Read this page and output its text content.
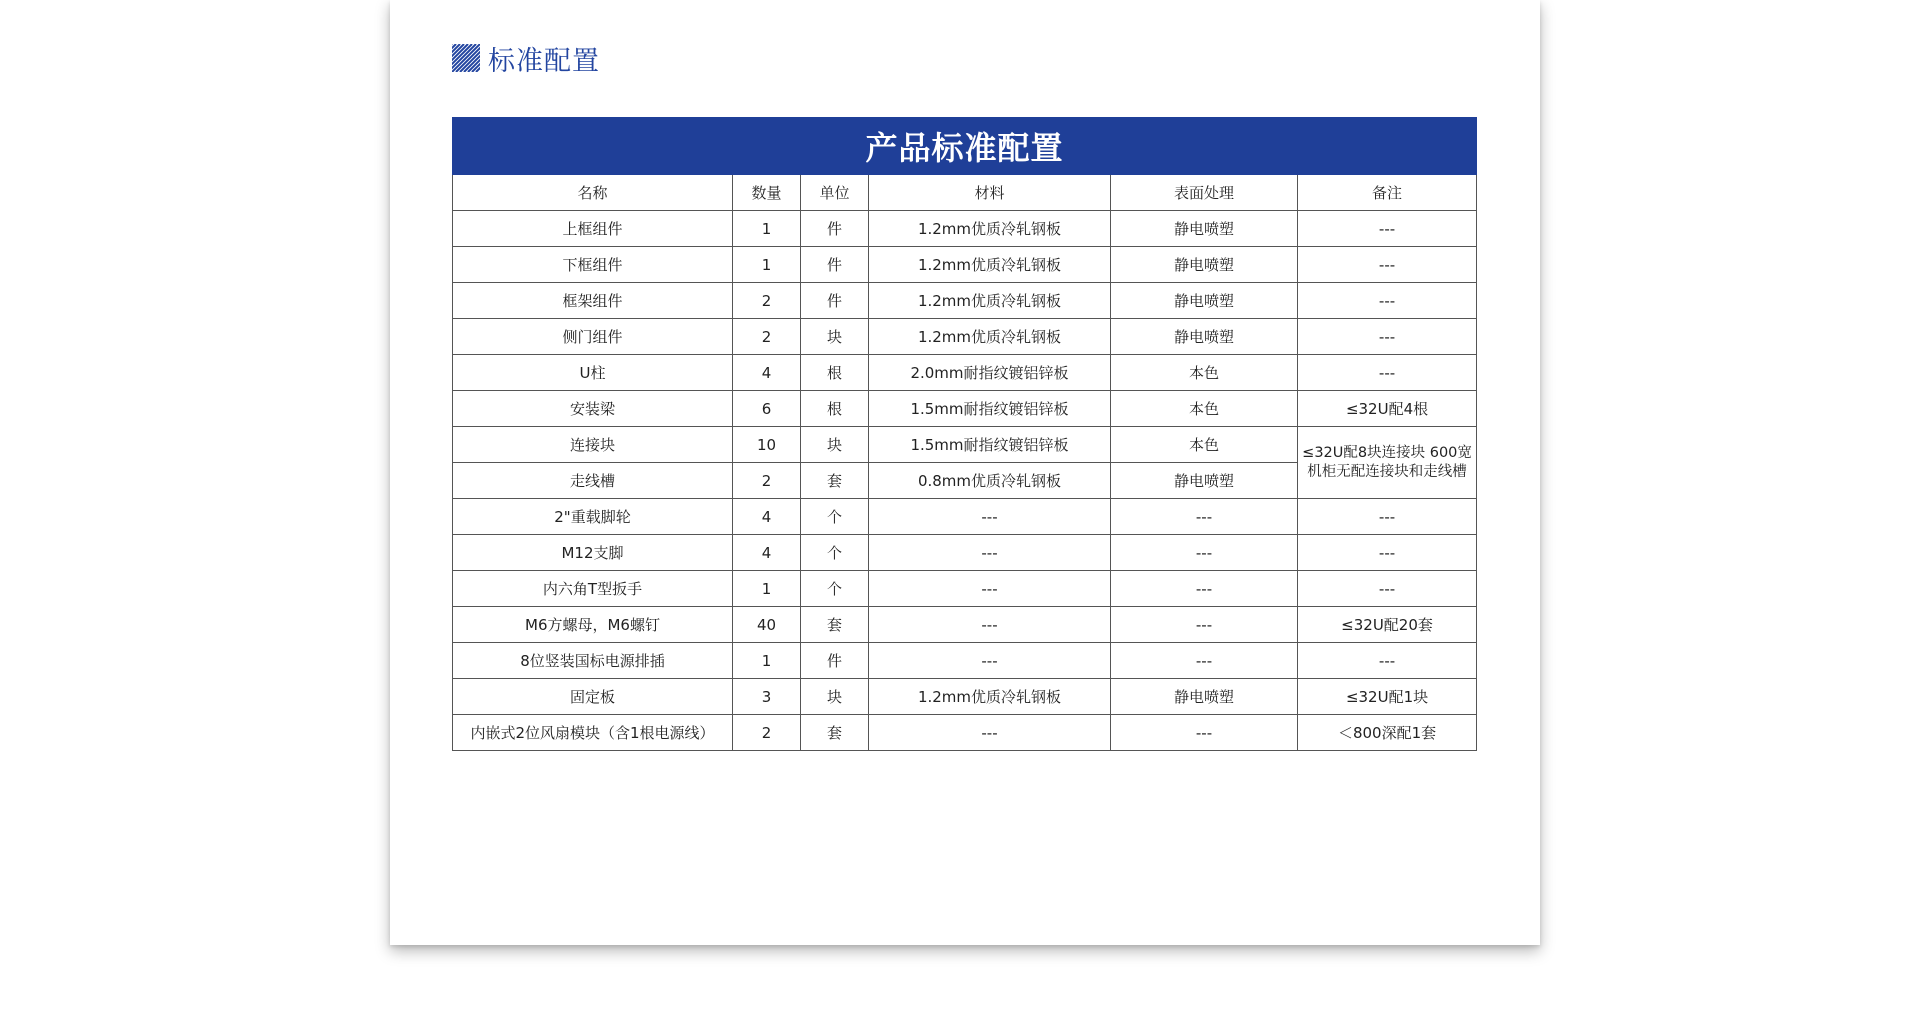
标准配置
产品标准配置					
名称	数量	单位	材料	表面处理	备注
上框组件	1	件	1.2mm优质冷轧钢板	静电喷塑	---
下框组件	1	件	1.2mm优质冷轧钢板	静电喷塑	---
框架组件	2	件	1.2mm优质冷轧钢板	静电喷塑	---
侧门组件	2	块	1.2mm优质冷轧钢板	静电喷塑	---
U柱	4	根	2.0mm耐指纹镀铝锌板	本色	---
安装梁	6	根	1.5mm耐指纹镀铝锌板	本色	≤32U配4根
连接块	10	块	1.5mm耐指纹镀铝锌板	本色	≤32U配8块连接块 600宽机柜无配连接块和走线槽
走线槽	2	套	0.8mm优质冷轧钢板	静电喷塑	
2"重载脚轮	4	个	---	---	---
M12支脚	4	个	---	---	---
内六角T型扳手	1	个	---	---	---
M6方螺母，M6螺钉	40	套	---	---	≤32U配20套
8位竖装国标电源排插	1	件	---	---	---
固定板	3	块	1.2mm优质冷轧钢板	静电喷塑	≤32U配1块
内嵌式2位风扇模块（含1根电源线）	2	套	---	---	＜800深配1套
